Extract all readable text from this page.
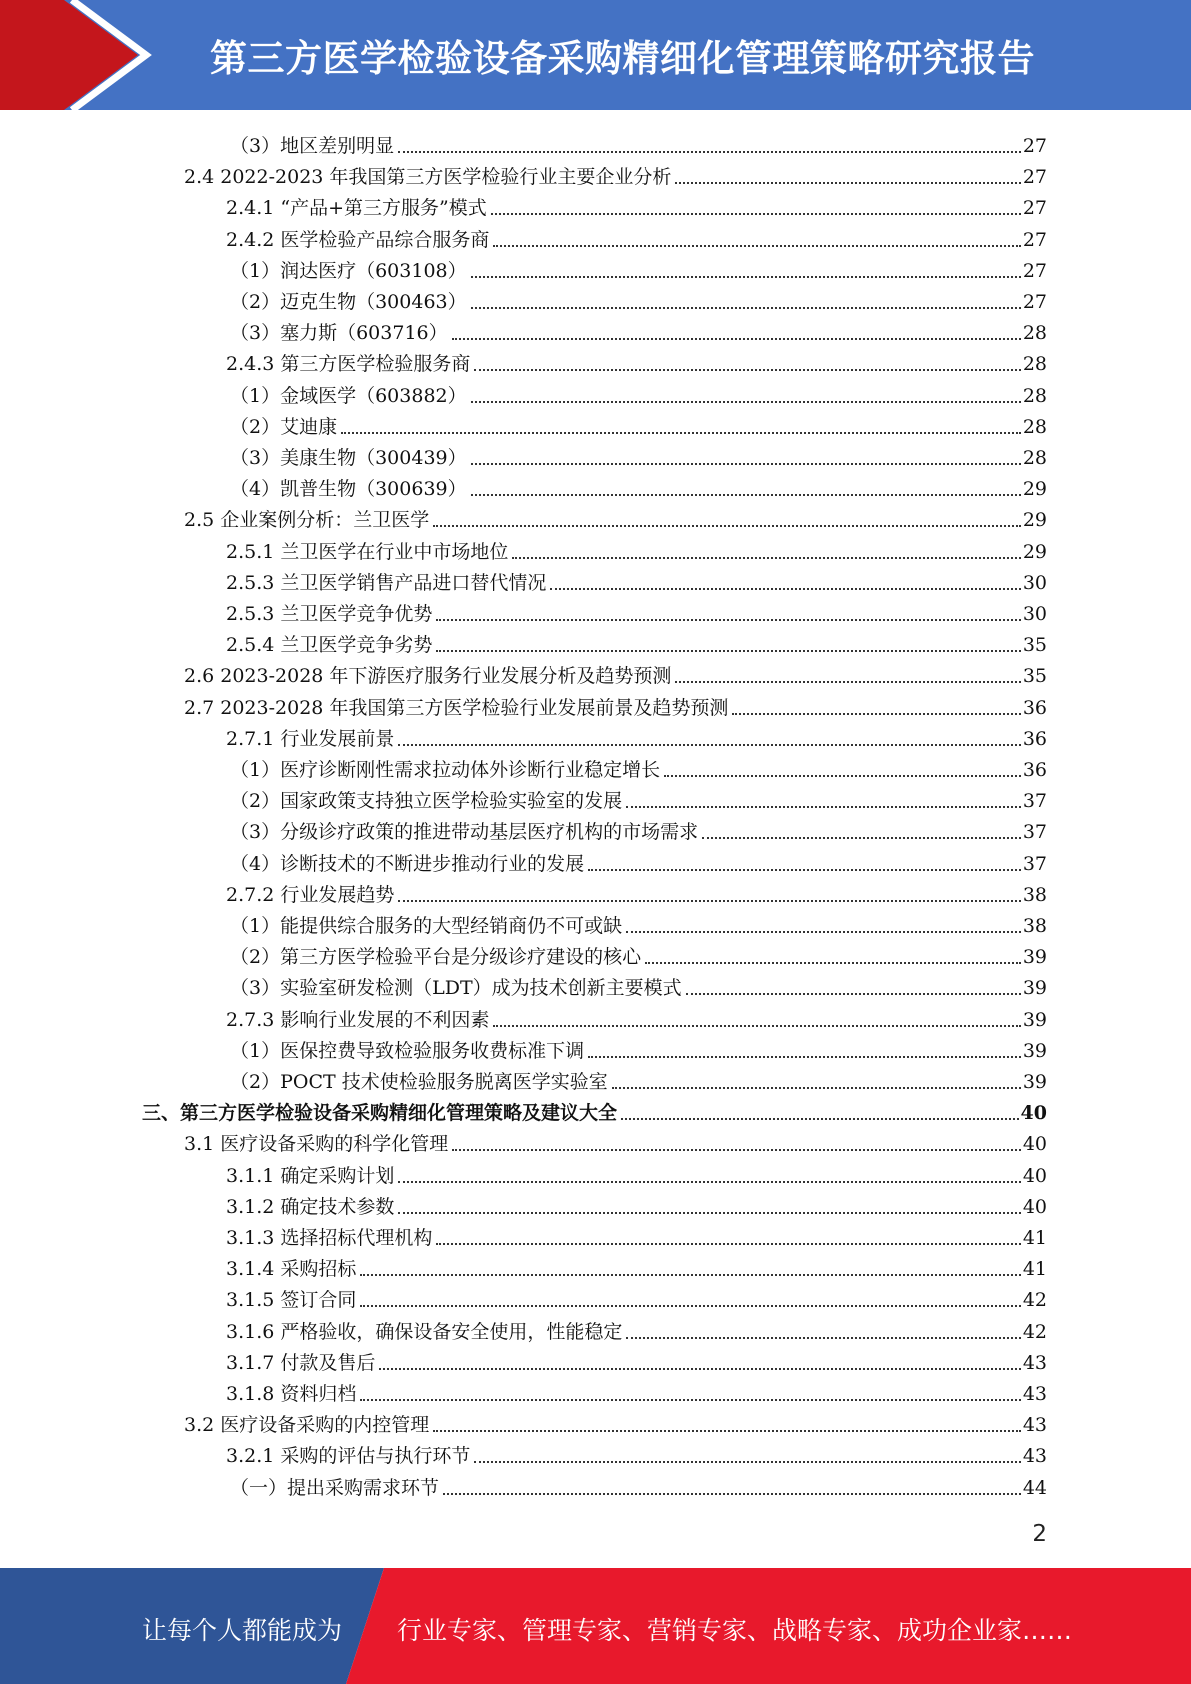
第三方医学检验设备采购精细化管理策略研究报告
（3）地区差别明显	27
2.4 2022-2023 年我国第三方医学检验行业主要企业分析	27
2.4.1 “产品+第三方服务”模式	27
2.4.2 医学检验产品综合服务商	27
（1）润达医疗（603108）	27
（2）迈克生物（300463）	27
（3）塞力斯（603716）	28
2.4.3 第三方医学检验服务商	28
（1）金域医学（603882）	28
（2）艾迪康	28
（3）美康生物（300439）	28
（4）凯普生物（300639）	29
2.5 企业案例分析：兰卫医学	29
2.5.1 兰卫医学在行业中市场地位	29
2.5.3 兰卫医学销售产品进口替代情况	30
2.5.3 兰卫医学竞争优势	30
2.5.4 兰卫医学竞争劣势	35
2.6 2023-2028 年下游医疗服务行业发展分析及趋势预测	35
2.7 2023-2028 年我国第三方医学检验行业发展前景及趋势预测	36
2.7.1 行业发展前景	36
（1）医疗诊断刚性需求拉动体外诊断行业稳定增长	36
（2）国家政策支持独立医学检验实验室的发展	37
（3）分级诊疗政策的推进带动基层医疗机构的市场需求	37
（4）诊断技术的不断进步推动行业的发展	37
2.7.2 行业发展趋势	38
（1）能提供综合服务的大型经销商仍不可或缺	38
（2）第三方医学检验平台是分级诊疗建设的核心	39
（3）实验室研发检测（LDT）成为技术创新主要模式	39
2.7.3 影响行业发展的不利因素	39
（1）医保控费导致检验服务收费标准下调	39
（2）POCT 技术使检验服务脱离医学实验室	39
三、第三方医学检验设备采购精细化管理策略及建议大全	40
3.1 医疗设备采购的科学化管理	40
3.1.1 确定采购计划	40
3.1.2 确定技术参数	40
3.1.3 选择招标代理机构	41
3.1.4 采购招标	41
3.1.5 签订合同	42
3.1.6 严格验收，确保设备安全使用，性能稳定	42
3.1.7 付款及售后	43
3.1.8 资料归档	43
3.2 医疗设备采购的内控管理	43
3.2.1 采购的评估与执行环节	43
（一）提出采购需求环节	44
2
让每个人都能成为 行业专家、管理专家、营销专家、战略专家、成功企业家……
